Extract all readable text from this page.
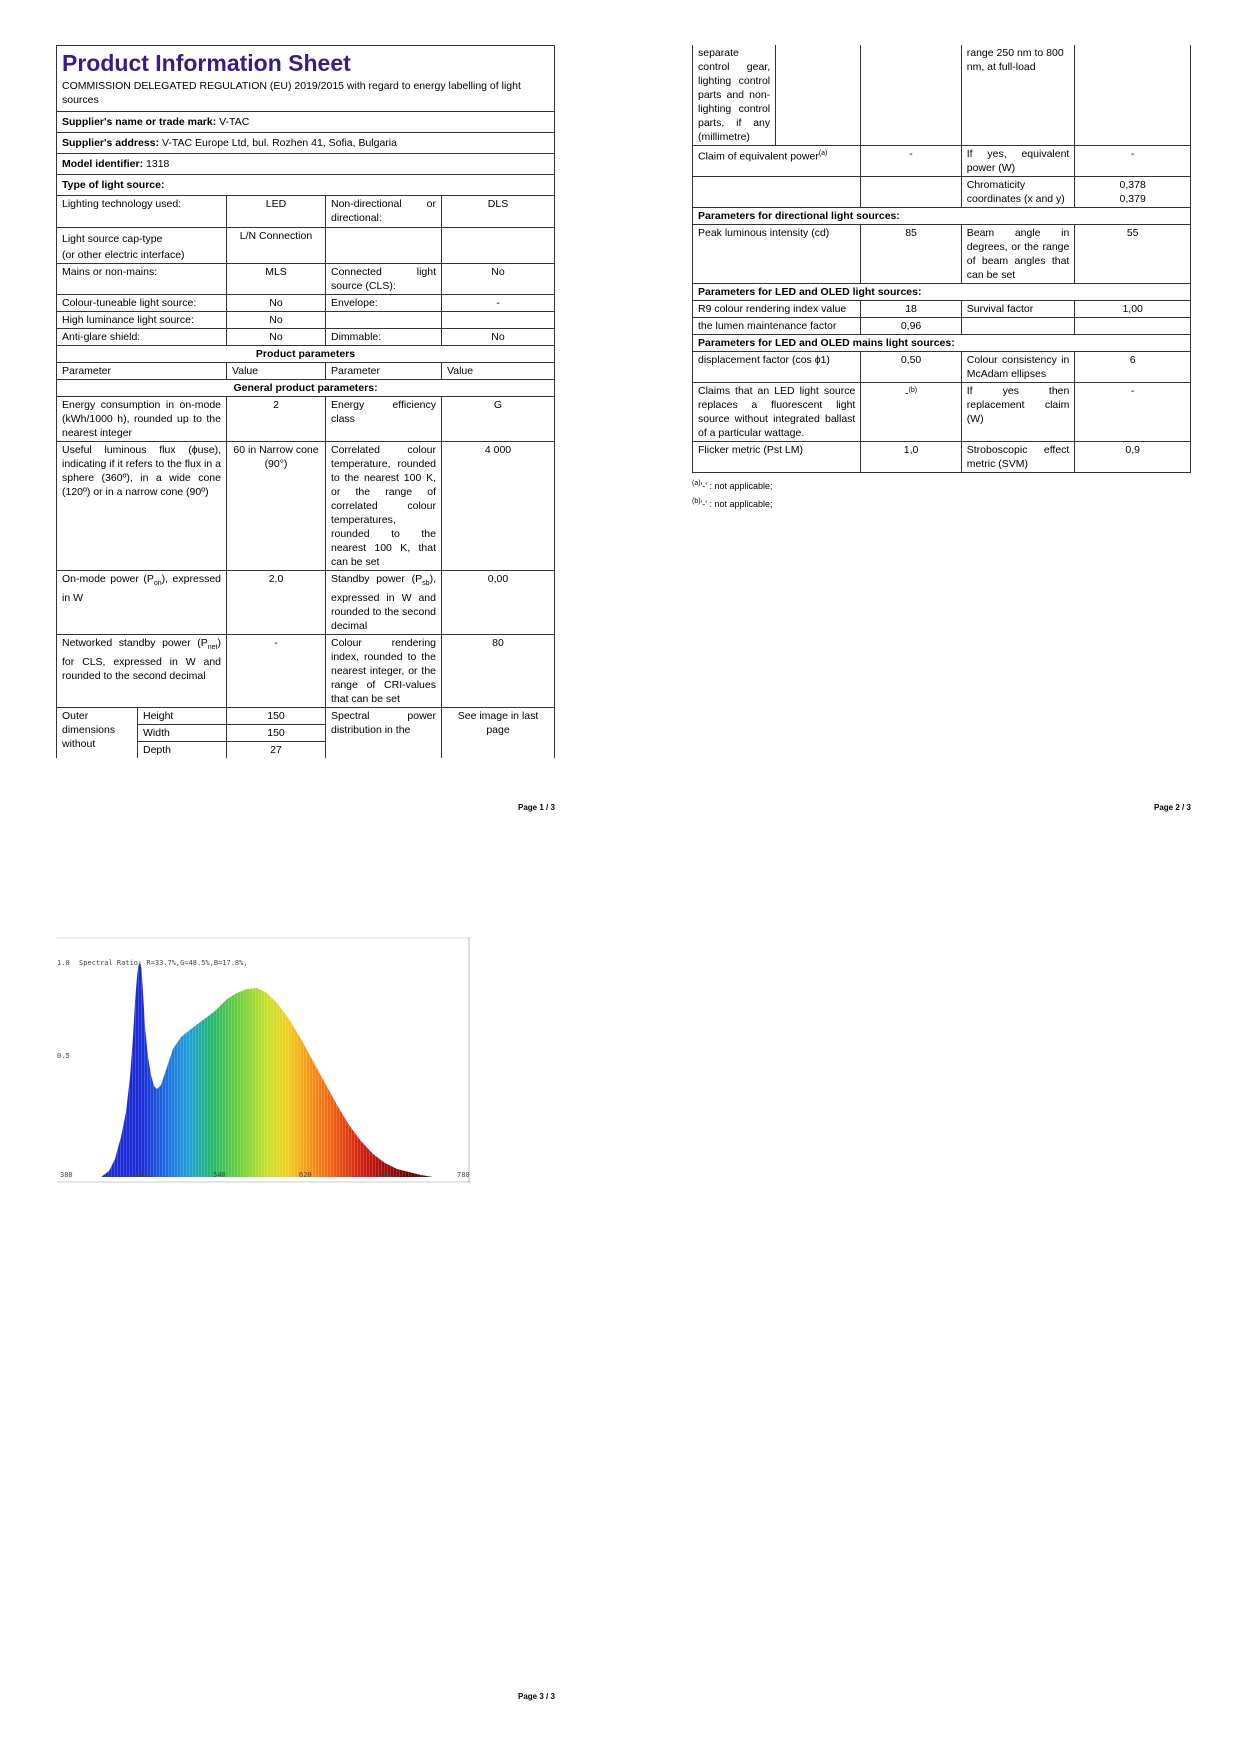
Product Information Sheet				
COMMISSION DELEGATED REGULATION (EU) 2019/2015 with regard to energy labelling of light sources				
Supplier's name or trade mark: V-TAC				
Supplier's address: V-TAC Europe Ltd, bul. Rozhen 41, Sofia, Bulgaria				
Model identifier: 1318				
Type of light source:				
Lighting technology used:		LED	Non-directional or directional:	DLS

Light source cap-type
(or other electric interface)		L/N Connection		
Mains or non-mains:		MLS	Connected light source (CLS):	No
Colour-tuneable light source:		No	Envelope:	-
High luminance light source:		No		
Anti-glare shield:		No	Dimmable:	No
Product parameters				
Parameter		Value	Parameter	Value
General product parameters:				
Energy consumption in on-mode (kWh/1000 h), rounded up to the nearest integer		2	Energy efficiency class	G
Useful luminous flux (ϕuse), indicating if it refers to the flux in a sphere (360º), in a wide cone (120º) or in a narrow cone (90º)		60 in Narrow cone (90°)	Correlated colour temperature, rounded to the nearest 100 K, or the range of correlated colour temperatures, rounded to the nearest 100 K, that can be set	4 000
On-mode power $(P_{on})$, expressed in W		2,0	Standby power $(P_{sb})$, expressed in W and rounded to the second decimal	0,00
Networked standby power $(P_{net})$ for CLS, expressed in W and rounded to the second decimal		-	Colour rendering index, rounded to the nearest integer, or the range of CRI-values that can be set	80
Outer dimensions without	Height	150	Spectral power distribution in the	See image in last page
	Width	150		
	Depth	27		
Page 1 / 3
separate control gear, lighting control parts and non-lighting control parts, if any (millimetre)			range 250 nm to 800 nm, at full-load	
Claim of equivalent power$^{(a)}$		-	If yes, equivalent power (W)	-
			Chromaticity coordinates (x and y)	0,378
0,379

Parameters for directional light sources:				
Peak luminous intensity (cd)		85	Beam angle in degrees, or the range of beam angles that can be set	55
Parameters for LED and OLED light sources:				
R9 colour rendering index value		18	Survival factor	1,00
the lumen maintenance factor		0,96		
Parameters for LED and OLED mains light sources:				
displacement factor (cos ϕ1)		0,50	Colour consistency in McAdam ellipses	6
Claims that an LED light source replaces a fluorescent light source without integrated ballast of a particular wattage.		-$^{(b)}$	If yes then replacement claim (W)	-
Flicker metric (Pst LM)		1,0	Stroboscopic effect metric (SVM)	0,9
$^{(a)}$'-' : not applicable;
$^{(b)}$'-' : not applicable;
Page 2 / 3
1.0 Spectral Ratio: R=33.7%,G=48.5%,B=17.8%,
0.5
380	460	540	620	700	780
Page 3 / 3
